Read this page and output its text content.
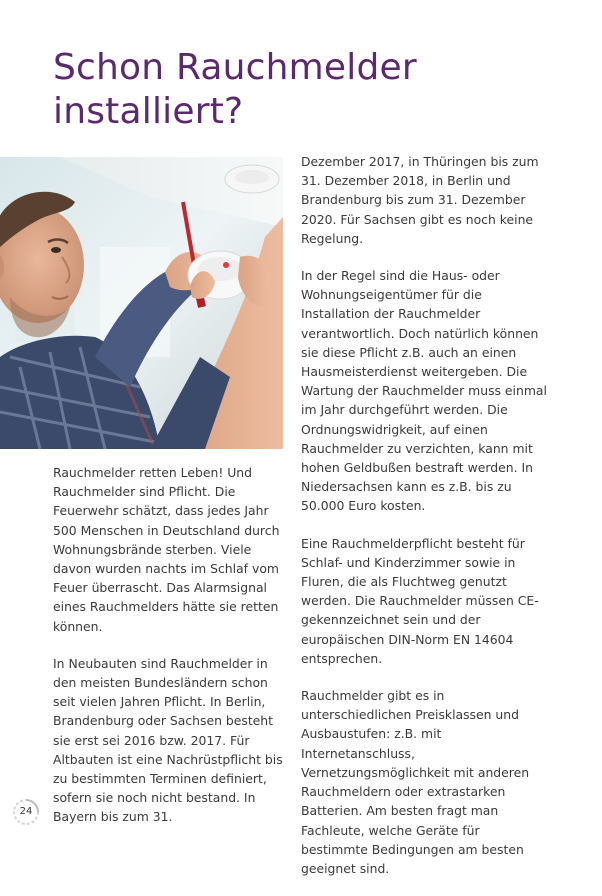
Schon Rauchmelder
installiert?

Rauchmelder retten Leben! Und Rauchmelder sind Pflicht. Die Feuerwehr schätzt, dass jedes Jahr 500 Menschen in Deutschland durch Wohnungsbrände sterben. Viele davon wurden nachts im Schlaf vom Feuer überrascht. Das Alarmsignal eines Rauchmelders hätte sie retten können.

In Neubauten sind Rauchmelder in den meisten Bundesländern schon seit vielen Jahren Pflicht. In Berlin, Brandenburg oder Sachsen besteht sie erst sei 2016 bzw. 2017. Für Altbauten ist eine Nachrüstpflicht bis zu bestimmten Terminen definiert, sofern sie noch nicht bestand. In Bayern bis zum 31.

Dezember 2017, in Thüringen bis zum 31. Dezember 2018, in Berlin und Brandenburg bis zum 31. Dezember 2020. Für Sachsen gibt es noch keine Regelung.

In der Regel sind die Haus- oder Wohnungseigentümer für die Installation der Rauchmelder verantwortlich. Doch natürlich können sie diese Pflicht z.B. auch an einen Hausmeisterdienst weitergeben. Die Wartung der Rauchmelder muss einmal im Jahr durchgeführt werden. Die Ordnungswidrigkeit, auf einen Rauchmelder zu verzichten, kann mit hohen Geldbußen bestraft werden. In Niedersachsen kann es z.B. bis zu 50.000 Euro kosten.

Eine Rauchmelderpflicht besteht für Schlaf- und Kinderzimmer sowie in Fluren, die als Fluchtweg genutzt werden. Die Rauchmelder müssen CE-gekennzeichnet sein und der europäischen DIN-Norm EN 14604 entsprechen.

Rauchmelder gibt es in unterschiedlichen Preisklassen und Ausbaustufen: z.B. mit Internetanschluss, Vernetzungsmöglichkeit mit anderen Rauchmeldern oder extrastarken Batterien. Am besten fragt man Fachleute, welche Geräte für bestimmte Bedingungen am besten geeignet sind.

24
